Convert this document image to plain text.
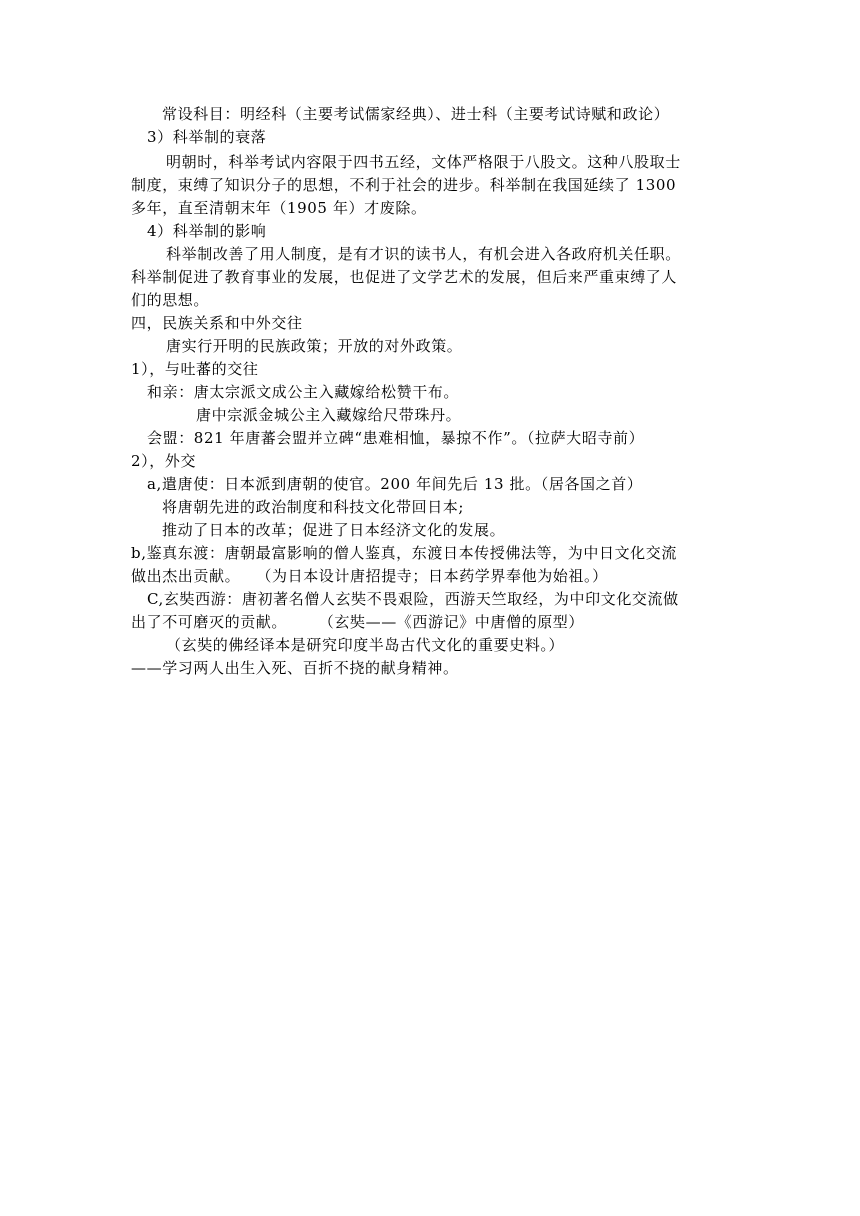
常设科目：明经科（主要考试儒家经典）、进士科（主要考试诗赋和政论）
3）科举制的衰落
明朝时，科举考试内容限于四书五经，文体严格限于八股文。这种八股取士
制度，束缚了知识分子的思想，不利于社会的进步。科举制在我国延续了 1300
多年，直至清朝末年（1905 年）才废除。
4）科举制的影响
科举制改善了用人制度，是有才识的读书人，有机会进入各政府机关任职。
科举制促进了教育事业的发展，也促进了文学艺术的发展，但后来严重束缚了人
们的思想。
四，民族关系和中外交往
唐实行开明的民族政策；开放的对外政策。
1），与吐蕃的交往
和亲：唐太宗派文成公主入藏嫁给松赞干布。
唐中宗派金城公主入藏嫁给尺带珠丹。
会盟：821 年唐蕃会盟并立碑“患难相恤，暴掠不作”。（拉萨大昭寺前）
2），外交
a,遣唐使：日本派到唐朝的使官。200 年间先后 13 批。（居各国之首）
将唐朝先进的政治制度和科技文化带回日本;
推动了日本的改革；促进了日本经济文化的发展。
b,鉴真东渡：唐朝最富影响的僧人鉴真，东渡日本传授佛法等，为中日文化交流
做出杰出贡献。　　（为日本设计唐招提寺；日本药学界奉他为始祖。）
C,玄奘西游：唐初著名僧人玄奘不畏艰险，西游天竺取经，为中印文化交流做
出了不可磨灭的贡献。　　　（玄奘——《西游记》中唐僧的原型）
（玄奘的佛经译本是研究印度半岛古代文化的重要史料。）
——学习两人出生入死、百折不挠的献身精神。
